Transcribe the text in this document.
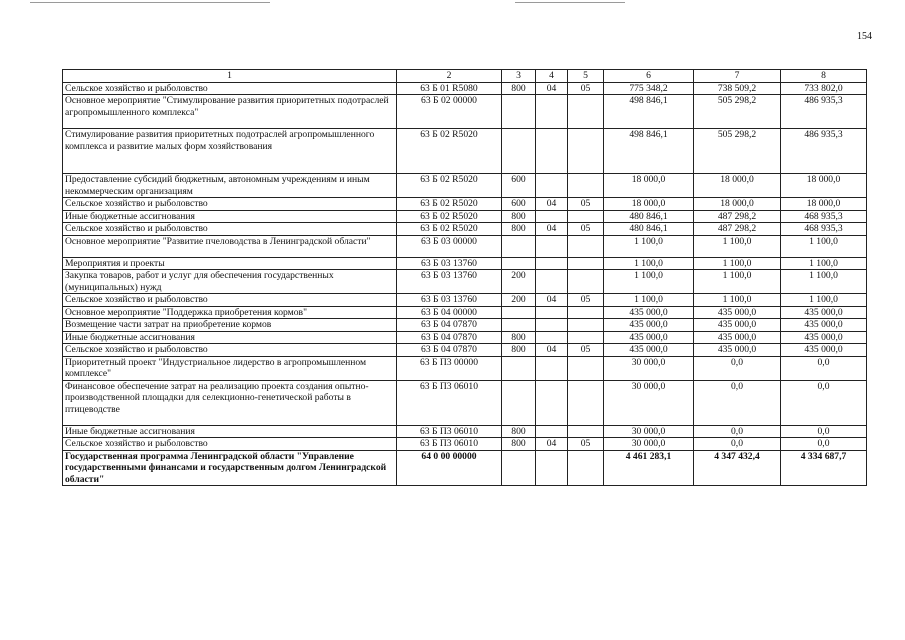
154
1	2	3	4	5	6	7	8
Сельское хозяйство и рыболовство	63 Б 01 R5080	800	04	05	775 348,2	738 509,2	733 802,0
Основное мероприятие "Стимулирование развития приоритетных подотраслей агропромышленного комплекса"	63 Б 02 00000				498 846,1	505 298,2	486 935,3
Стимулирование развития приоритетных подотраслей агропромышленного комплекса и развитие малых форм хозяйствования	63 Б 02 R5020				498 846,1	505 298,2	486 935,3
Предоставление субсидий бюджетным, автономным учреждениям и иным некоммерческим организациям	63 Б 02 R5020	600			18 000,0	18 000,0	18 000,0
Сельское хозяйство и рыболовство	63 Б 02 R5020	600	04	05	18 000,0	18 000,0	18 000,0
Иные бюджетные ассигнования	63 Б 02 R5020	800			480 846,1	487 298,2	468 935,3
Сельское хозяйство и рыболовство	63 Б 02 R5020	800	04	05	480 846,1	487 298,2	468 935,3
Основное мероприятие "Развитие пчеловодства в Ленинградской области"	63 Б 03 00000				1 100,0	1 100,0	1 100,0
Мероприятия и проекты	63 Б 03 13760				1 100,0	1 100,0	1 100,0
Закупка товаров, работ и услуг для обеспечения государственных (муниципальных) нужд	63 Б 03 13760	200			1 100,0	1 100,0	1 100,0
Сельское хозяйство и рыболовство	63 Б 03 13760	200	04	05	1 100,0	1 100,0	1 100,0
Основное мероприятие "Поддержка приобретения кормов"	63 Б 04 00000				435 000,0	435 000,0	435 000,0
Возмещение части затрат на приобретение кормов	63 Б 04 07870				435 000,0	435 000,0	435 000,0
Иные бюджетные ассигнования	63 Б 04 07870	800			435 000,0	435 000,0	435 000,0
Сельское хозяйство и рыболовство	63 Б 04 07870	800	04	05	435 000,0	435 000,0	435 000,0
Приоритетный проект "Индустриальное лидерство в агропромышленном комплексе"	63 Б П3 00000				30 000,0	0,0	0,0
Финансовое обеспечение затрат на реализацию проекта создания опытно-производственной площадки для селекционно-генетической работы в птицеводстве	63 Б П3 06010				30 000,0	0,0	0,0
Иные бюджетные ассигнования	63 Б П3 06010	800			30 000,0	0,0	0,0
Сельское хозяйство и рыболовство	63 Б П3 06010	800	04	05	30 000,0	0,0	0,0
Государственная программа Ленинградской области "Управление государственными финансами и государственным долгом Ленинградской области"	64 0 00 00000				4 461 283,1	4 347 432,4	4 334 687,7
